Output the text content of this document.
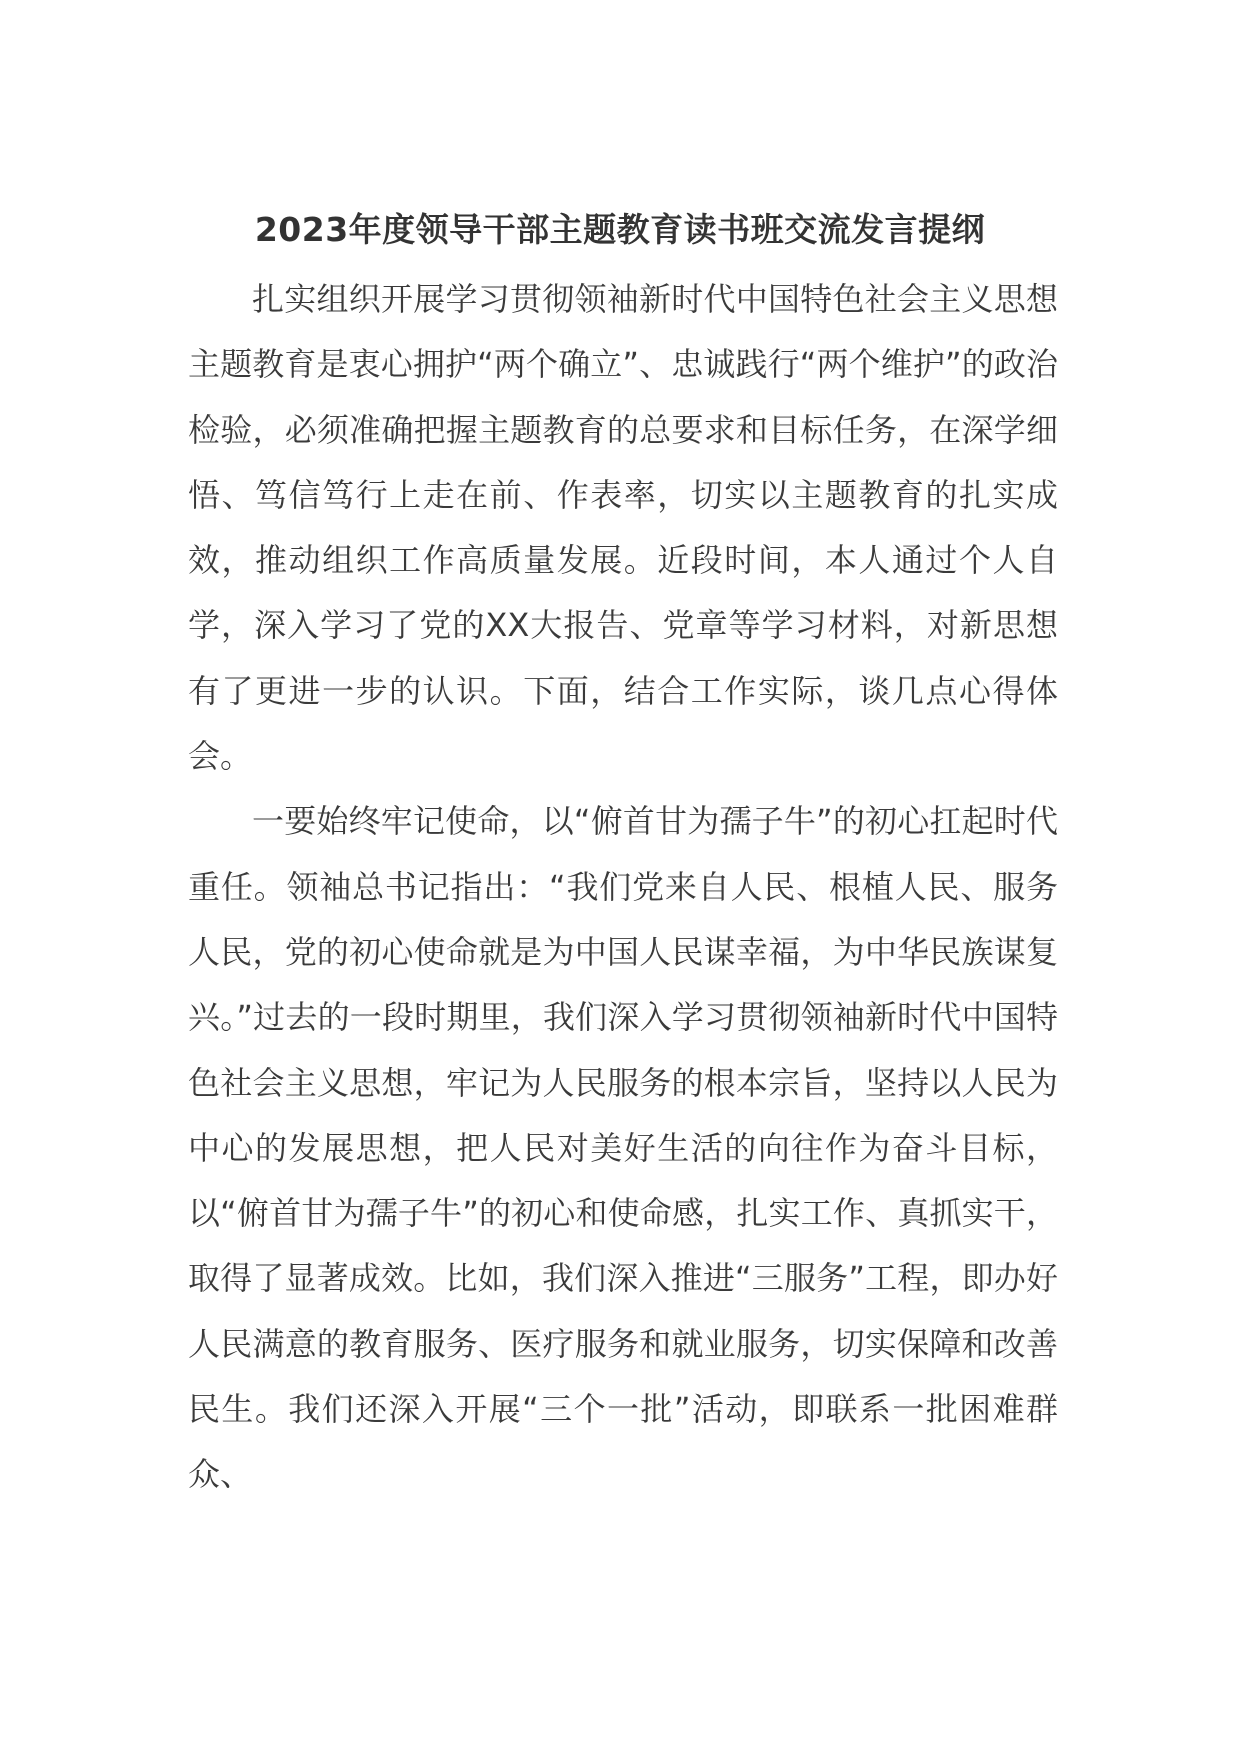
2023年度领导干部主题教育读书班交流发言提纲

扎实组织开展学习贯彻领袖新时代中国特色社会主义思想主题教育是衷心拥护“两个确立”、忠诚践行“两个维护”的政治检验，必须准确把握主题教育的总要求和目标任务，在深学细悟、笃信笃行上走在前、作表率，切实以主题教育的扎实成效，推动组织工作高质量发展。近段时间，本人通过个人自学，深入学习了党的XX大报告、党章等学习材料，对新思想有了更进一步的认识。下面，结合工作实际，谈几点心得体会。

一要始终牢记使命，以“俯首甘为孺子牛”的初心扛起时代重任。领袖总书记指出：“我们党来自人民、根植人民、服务人民，党的初心使命就是为中国人民谋幸福，为中华民族谋复兴。”过去的一段时期里，我们深入学习贯彻领袖新时代中国特色社会主义思想，牢记为人民服务的根本宗旨，坚持以人民为中心的发展思想，把人民对美好生活的向往作为奋斗目标，以“俯首甘为孺子牛”的初心和使命感，扎实工作、真抓实干，取得了显著成效。比如，我们深入推进“三服务”工程，即办好人民满意的教育服务、医疗服务和就业服务，切实保障和改善民生。我们还深入开展“三个一批”活动，即联系一批困难群众、
